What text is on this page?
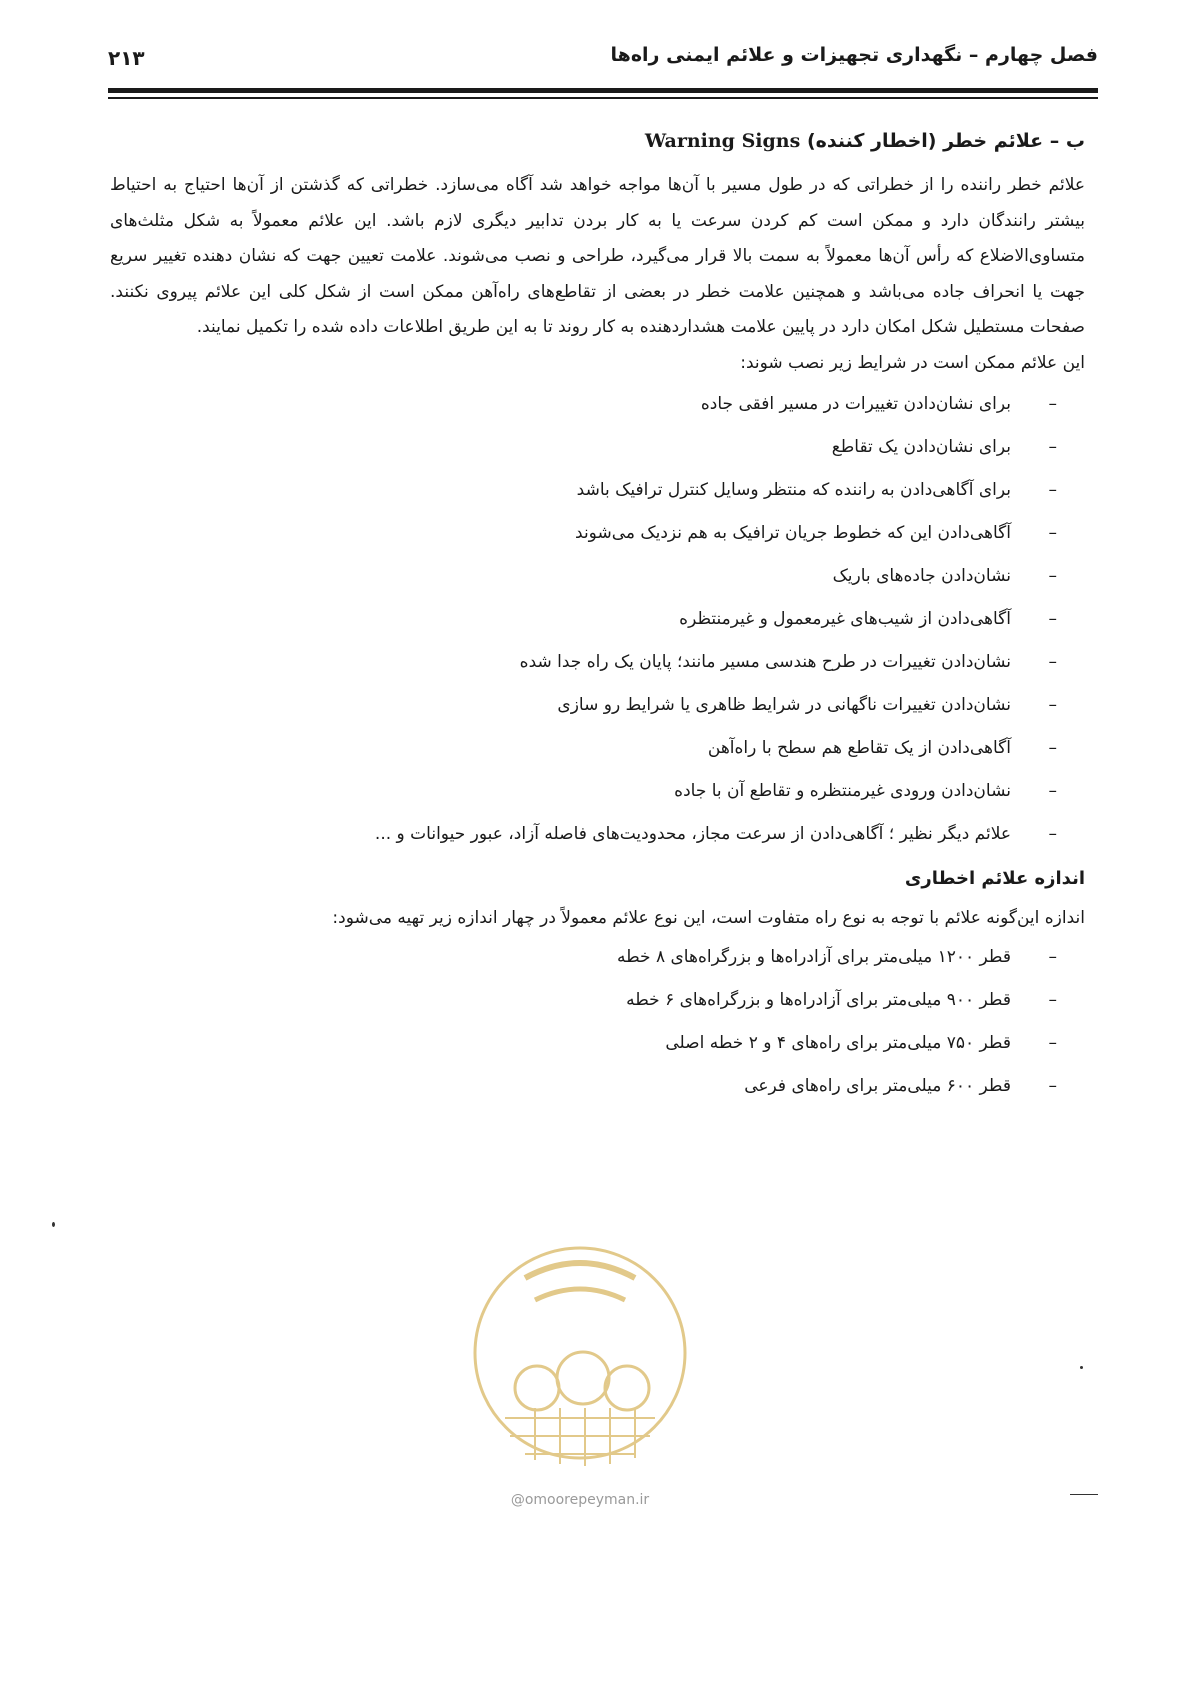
فصل چهارم – نگهداری تجهیزات و علائم ایمنی راه‌ها
۲۱۳
ب – علائم خطر (اخطار کننده) Warning Signs

علائم خطر راننده را از خطراتی که در طول مسیر با آن‌ها مواجه خواهد شد آگاه می‌سازد. خطراتی که گذشتن از آن‌ها احتیاج به احتیاط بیشتر رانندگان دارد و ممکن است کم کردن سرعت یا به کار بردن تدابیر دیگری لازم باشد. این علائم معمولاً به شکل مثلث‌های متساوی‌الاضلاع که رأس آن‌ها معمولاً به سمت بالا قرار می‌گیرد، طراحی و نصب می‌شوند. علامت تعیین جهت که نشان دهنده تغییر سریع جهت یا انحراف جاده می‌باشد و همچنین علامت خطر در بعضی از تقاطع‌های راه‌آهن ممکن است از شکل کلی این علائم پیروی نکنند. صفحات مستطیل شکل امکان دارد در پایین علامت هشداردهنده به کار روند تا به این طریق اطلاعات داده شده را تکمیل نمایند.

این علائم ممکن است در شرایط زیر نصب شوند:

–
برای نشان‌دادن تغییرات در مسیر افقی جاده
–
برای نشان‌دادن یک تقاطع
–
برای آگاهی‌دادن به راننده که منتظر وسایل کنترل ترافیک باشد
–
آگاهی‌دادن این که خطوط جریان ترافیک به هم نزدیک می‌شوند
–
نشان‌دادن جاده‌های باریک
–
آگاهی‌دادن از شیب‌های غیرمعمول و غیرمنتظره
–
نشان‌دادن تغییرات در طرح هندسی مسیر مانند؛ پایان یک راه جدا شده
–
نشان‌دادن تغییرات ناگهانی در شرایط ظاهری یا شرایط رو سازی
–
آگاهی‌دادن از یک تقاطع هم سطح با راه‌آهن
–
نشان‌دادن ورودی غیرمنتظره و تقاطع آن با جاده
–
علائم دیگر نظیر ؛ آگاهی‌دادن از سرعت مجاز، محدودیت‌های فاصله آزاد، عبور حیوانات و ...
اندازه علائم اخطاری

اندازه این‌گونه علائم با توجه به نوع راه متفاوت است، این نوع علائم معمولاً در چهار اندازه زیر تهیه می‌شود:

–
قطر ۱۲۰۰ میلی‌متر برای آزادراه‌ها و بزرگراه‌های ۸ خطه
–
قطر ۹۰۰ میلی‌متر برای آزادراه‌ها و بزرگراه‌های ۶ خطه
–
قطر ۷۵۰ میلی‌متر برای راه‌های ۴ و ۲ خطه اصلی
–
قطر ۶۰۰ میلی‌متر برای راه‌های فرعی
@omoorepeyman.ir
